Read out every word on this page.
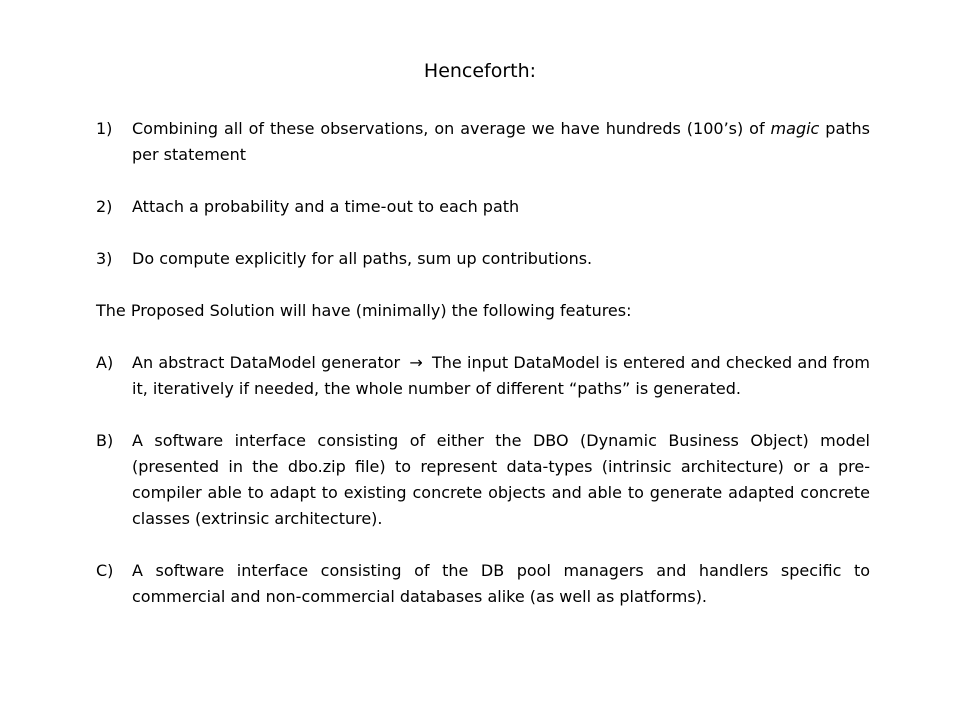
Henceforth:
1)	Combining all of these observations, on average we have hundreds (100’s) of magic paths per statement
2)	Attach a probability and a time-out to each path
3)	Do compute explicitly for all paths, sum up contributions.
The Proposed Solution will have (minimally) the following features:
A)	An abstract DataModel generator → The input DataModel is entered and checked and from it, iteratively if needed, the whole number of different “paths” is generated.
B)	A software interface consisting of either the DBO (Dynamic Business Object) model (presented in the dbo.zip file) to represent data-types (intrinsic architecture) or a pre-compiler able to adapt to existing concrete objects and able to generate adapted concrete classes (extrinsic architecture).
C)	A software interface consisting of the DB pool managers and handlers specific to commercial and non-commercial databases alike (as well as platforms).
